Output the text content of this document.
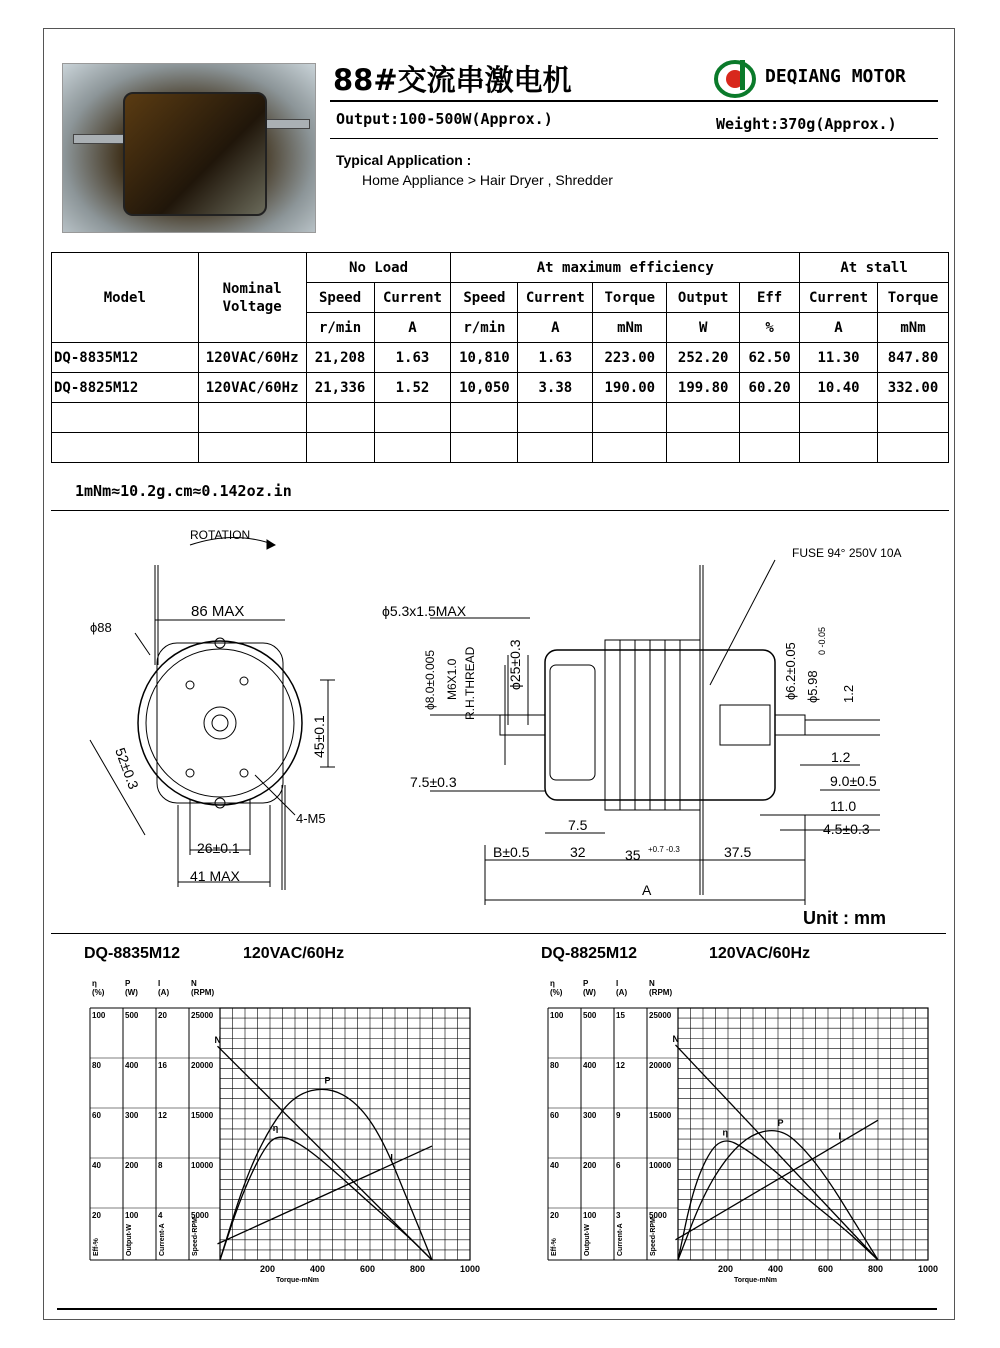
88#交流串激电机	DEQIANG MOTOR
Output:100-500W(Approx.)	Weight:370g(Approx.)
Typical Application :
Home Appliance > Hair Dryer , Shredder
Model	Nominal Voltage	No Load		At maximum efficiency					At stall	
		Speed	Current	Speed	Current	Torque	Output	Eff	Current	Torque
		r/min	A	r/min	A	mNm	W	%	A	mNm
DQ-8835M12	120VAC/60Hz	21,208	1.63	10,810	1.63	223.00	252.20	62.50	11.30	847.80
DQ-8825M12	120VAC/60Hz	21,336	1.52	10,050	3.38	190.00	199.80	60.20	10.40	332.00

1mNm≈10.2g.cm≈0.142oz.in
ROTATION
FUSE 94° 250V 10A
86 MAX
ϕ88
52±0.3
45±0.1
4-M5
26±0.1
41 MAX
ϕ5.3x1.5MAX
ϕ8.0±0.005 M6X1.0 R.H.THREAD ϕ25±0.3	ϕ6.2±0.05 ϕ5.98
0 -0.05
1.2
1.2
9.0±0.5
11.0
4.5±0.3
7.5±0.3
7.5
B±0.5	32	35 +0.7 -0.3	37.5
A
Unit : mm
DQ-8835M12	120VAC/60Hz	DQ-8825M12	120VAC/60Hz
η
(%)
100
80
60
40
20
Eff-%
P
(W)
500
400
300
200
100
Output-W
I
(A)
20
16
12
8
4
Current-A
N
(RPM)
25000
20000
15000
10000
5000
Speed-RPM
200	400	600	800	1000
Torque-mNm
N
I
P
η
η
(%)
100
80
60
40
20
Eff-%
P
(W)
500
400
300
200
100
Output-W
I
(A)
15
12
9
6
3
Current-A
N
(RPM)
25000
20000
15000
10000
5000
Speed-RPM
200	400	600	800	1000
Torque-mNm
N
I
P
η
